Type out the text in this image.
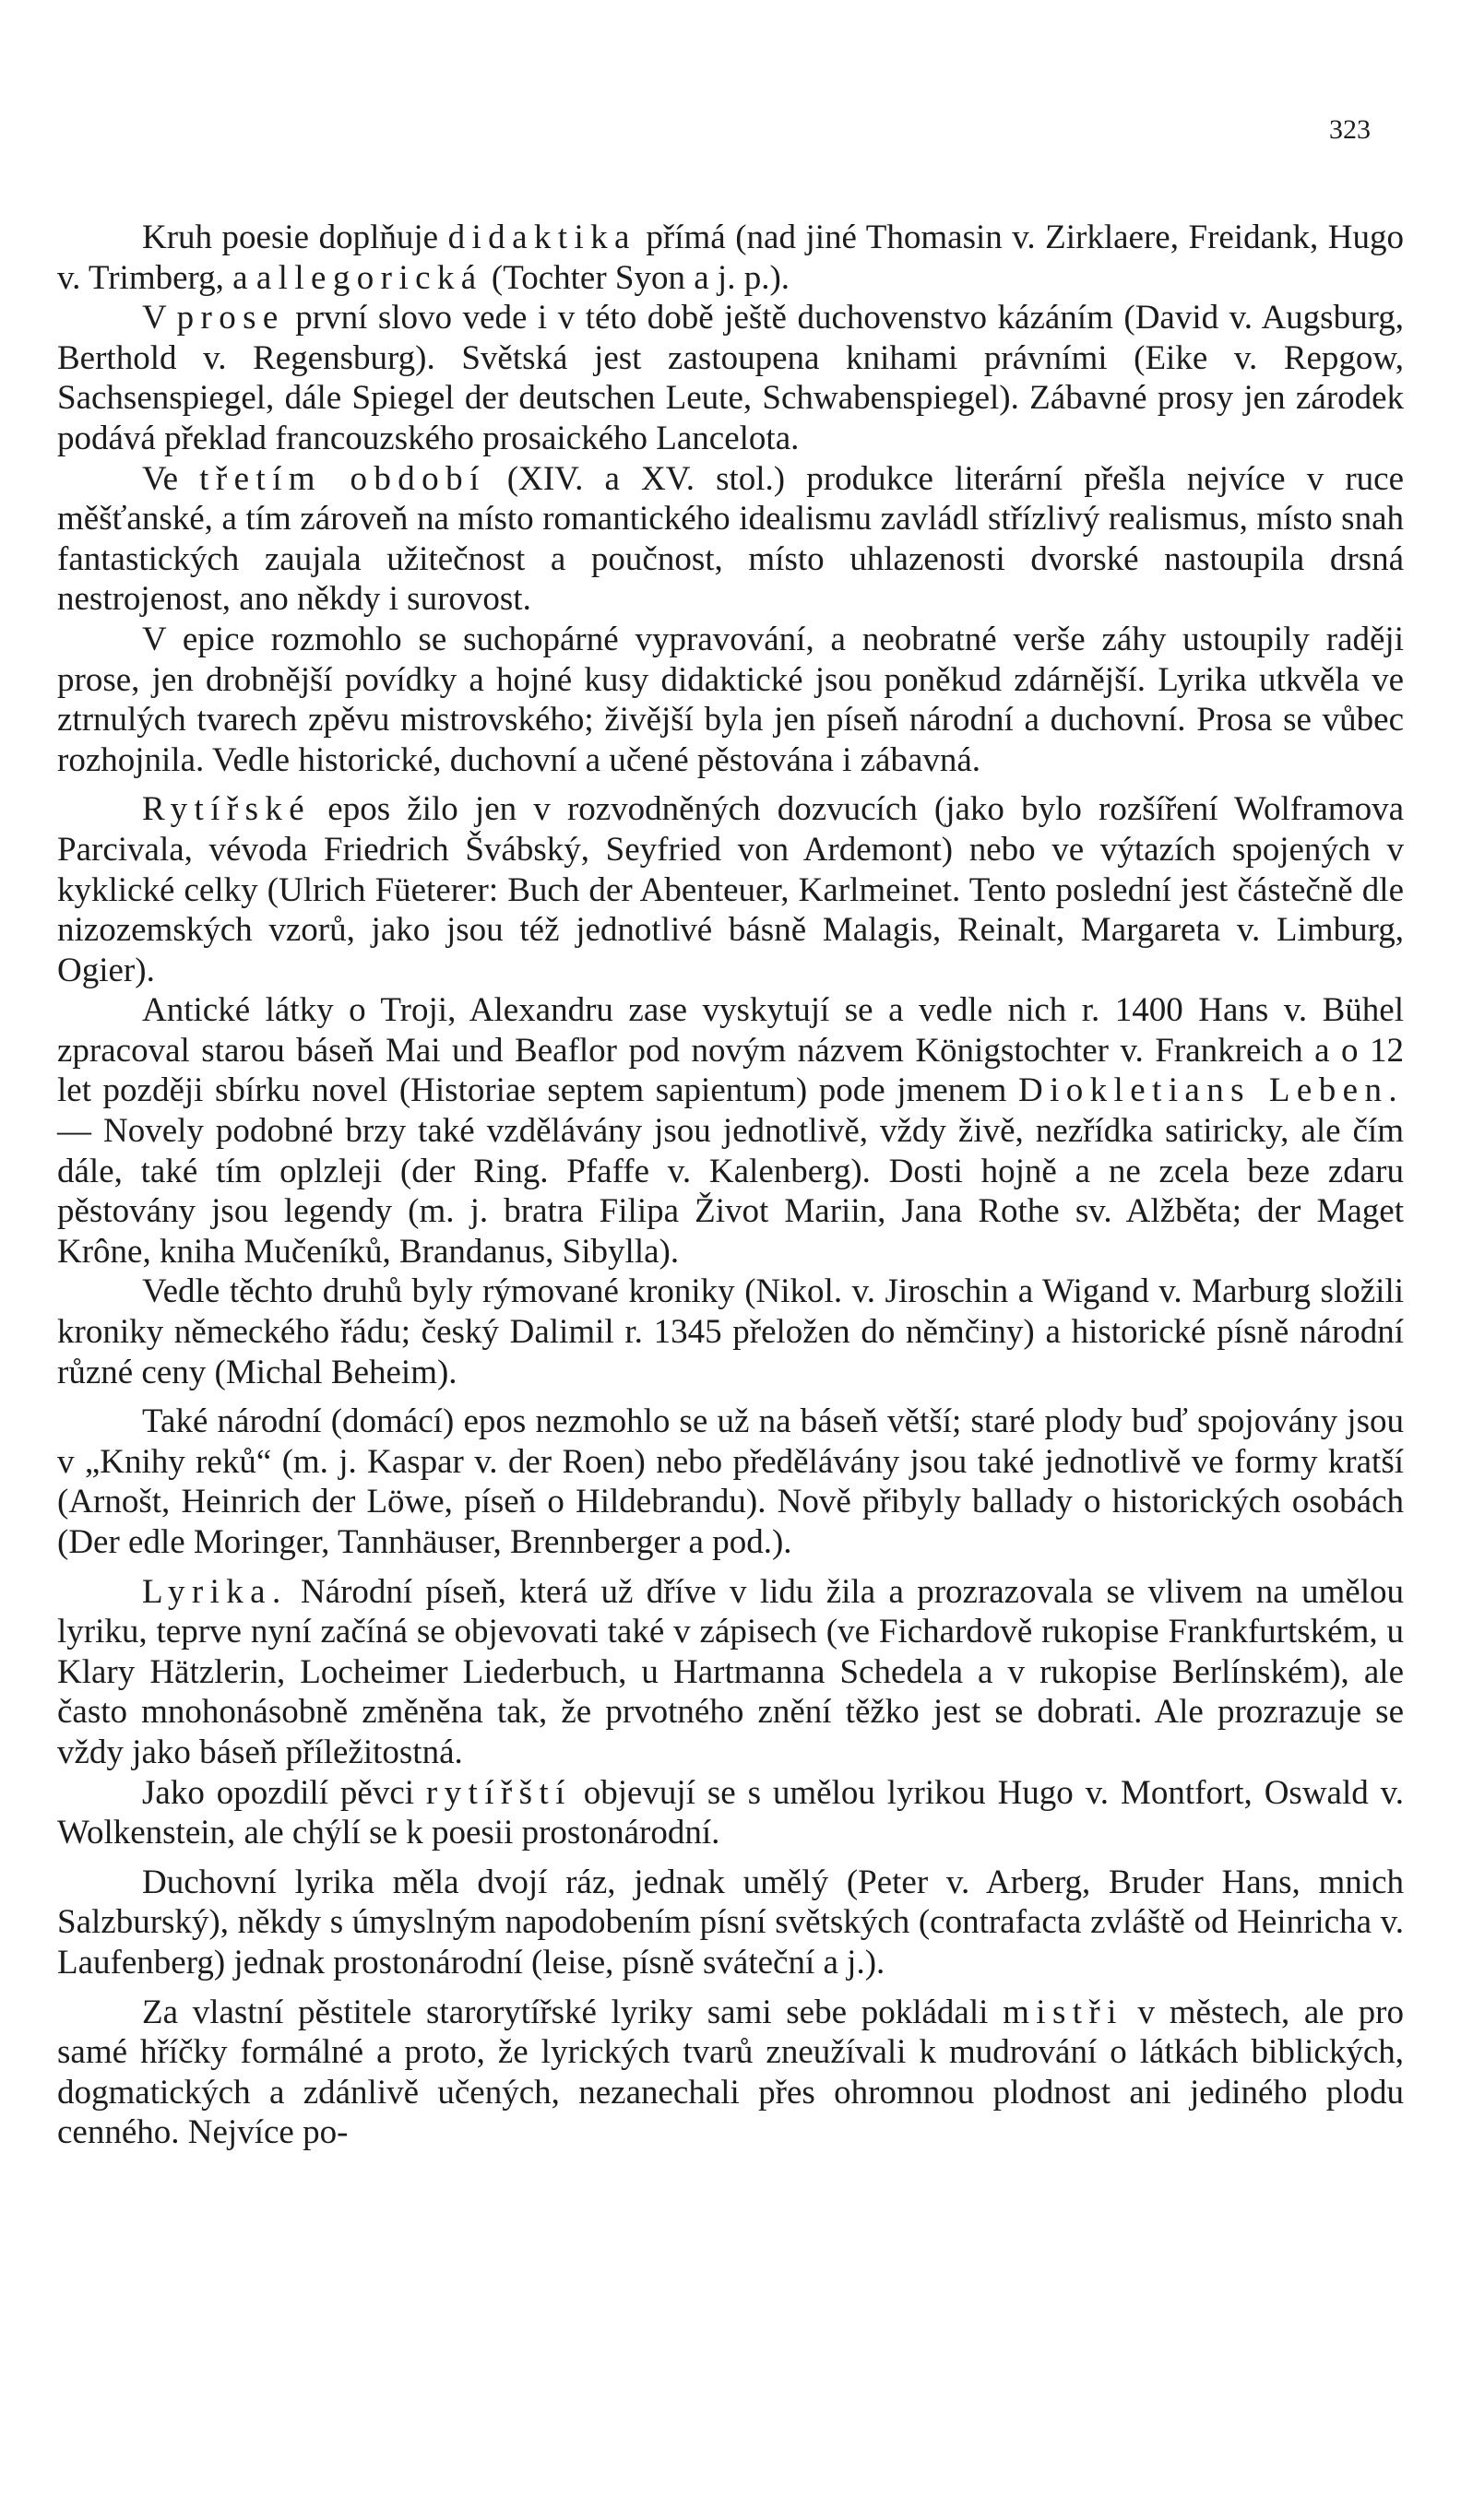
323

Kruh poesie doplňuje didaktika přímá (nad jiné Thomasin v. Zirklaere, Freidank, Hugo v. Trimberg, a allegorická (Tochter Syon a j. p.).

V prose první slovo vede i v této době ještě duchovenstvo kázáním (David v. Augsburg, Berthold v. Regensburg). Světská jest zastoupena knihami právními (Eike v. Repgow, Sachsenspiegel, dále Spiegel der deutschen Leute, Schwabenspiegel). Zábavné prosy jen zárodek podává překlad francouzského prosaického Lancelota.

Ve třetím období (XIV. a XV. stol.) produkce literární přešla nejvíce v ruce měšťanské, a tím zároveň na místo romantického idealismu zavládl střízlivý realismus, místo snah fantastických zaujala užitečnost a poučnost, místo uhlazenosti dvorské nastoupila drsná nestrojenost, ano někdy i surovost.

V epice rozmohlo se suchopárné vypravování, a neobratné verše záhy ustoupily raději prose, jen drobnější povídky a hojné kusy didaktické jsou poněkud zdárnější. Lyrika utkvěla ve ztrnulých tvarech zpěvu mistrovského; živější byla jen píseň národní a duchovní. Prosa se vůbec rozhojnila. Vedle historické, duchovní a učené pěstována i zábavná.

Rytířské epos žilo jen v rozvodněných dozvucích (jako bylo rozšíření Wolframova Parcivala, vévoda Friedrich Švábský, Seyfried von Ardemont) nebo ve výtazích spojených v kyklické celky (Ulrich Füeterer: Buch der Abenteuer, Karlmeinet. Tento poslední jest částečně dle nizozemských vzorů, jako jsou též jednotlivé básně Malagis, Reinalt, Margareta v. Limburg, Ogier).

Antické látky o Troji, Alexandru zase vyskytují se a vedle nich r. 1400 Hans v. Bühel zpracoval starou báseň Mai und Beaflor pod novým názvem Königstochter v. Frankreich a o 12 let později sbírku novel (Historiae septem sapientum) pode jmenem Diokletians Leben. — Novely podobné brzy také vzdělávány jsou jednotlivě, vždy živě, nezřídka satiricky, ale čím dále, také tím oplzleji (der Ring. Pfaffe v. Kalenberg). Dosti hojně a ne zcela beze zdaru pěstovány jsou legendy (m. j. bratra Filipa Život Mariin, Jana Rothe sv. Alžběta; der Maget Krône, kniha Mučeníků, Brandanus, Sibylla).

Vedle těchto druhů byly rýmované kroniky (Nikol. v. Jiroschin a Wigand v. Marburg složili kroniky německého řádu; český Dalimil r. 1345 přeložen do němčiny) a historické písně národní různé ceny (Michal Beheim).

Také národní (domácí) epos nezmohlo se už na báseň větší; staré plody buď spojovány jsou v „Knihy reků“ (m. j. Kaspar v. der Roen) nebo předělávány jsou také jednotlivě ve formy kratší (Arnošt, Heinrich der Löwe, píseň o Hildebrandu). Nově přibyly ballady o historických osobách (Der edle Moringer, Tannhäuser, Brennberger a pod.).

Lyrika. Národní píseň, která už dříve v lidu žila a prozrazovala se vlivem na umělou lyriku, teprve nyní začíná se objevovati také v zápisech (ve Fichardově rukopise Frankfurtském, u Klary Hätzlerin, Locheimer Liederbuch, u Hartmanna Schedela a v rukopise Berlínském), ale často mnohonásobně změněna tak, že prvotného znění těžko jest se dobrati. Ale prozrazuje se vždy jako báseň příležitostná.

Jako opozdilí pěvci rytířští objevují se s umělou lyrikou Hugo v. Montfort, Oswald v. Wolkenstein, ale chýlí se k poesii prostonárodní.

Duchovní lyrika měla dvojí ráz, jednak umělý (Peter v. Arberg, Bruder Hans, mnich Salzburský), někdy s úmyslným napodobením písní světských (contrafacta zvláště od Heinricha v. Laufenberg) jednak prostonárodní (leise, písně sváteční a j.).

Za vlastní pěstitele starorytířské lyriky sami sebe pokládali mistři v městech, ale pro samé hříčky formálné a proto, že lyrických tvarů zneužívali k mudrování o látkách biblických, dogmatických a zdánlivě učených, nezanechali přes ohromnou plodnost ani jediného plodu cenného. Nejvíce po-
